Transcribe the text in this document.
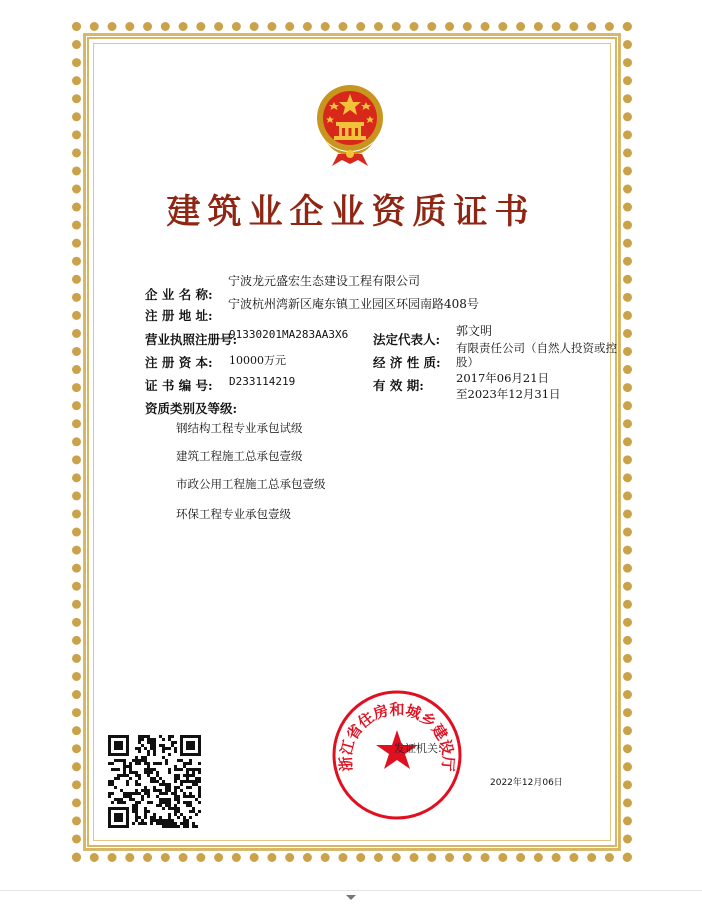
建筑业企业资质证书
企 业 名 称:
宁波龙元盛宏生态建设工程有限公司
注 册 地 址:
宁波杭州湾新区庵东镇工业园区环园南路408号
营业执照注册号:
91330201MA283AA3X6
注 册 资 本: 10000万元
证 书 编 号: D233114219
资质类别及等级:
法定代表人:
郭文明
经 济 性 质:
有限责任公司（自然人投资或控
股）
有 效 期:	2017年06月21日
至2023年12月31日
钢结构工程专业承包试级
建筑工程施工总承包壹级
市政公用工程施工总承包壹级
环保工程专业承包壹级
浙江省住房和城乡建设厅
发证机关:
2022年12月06日
